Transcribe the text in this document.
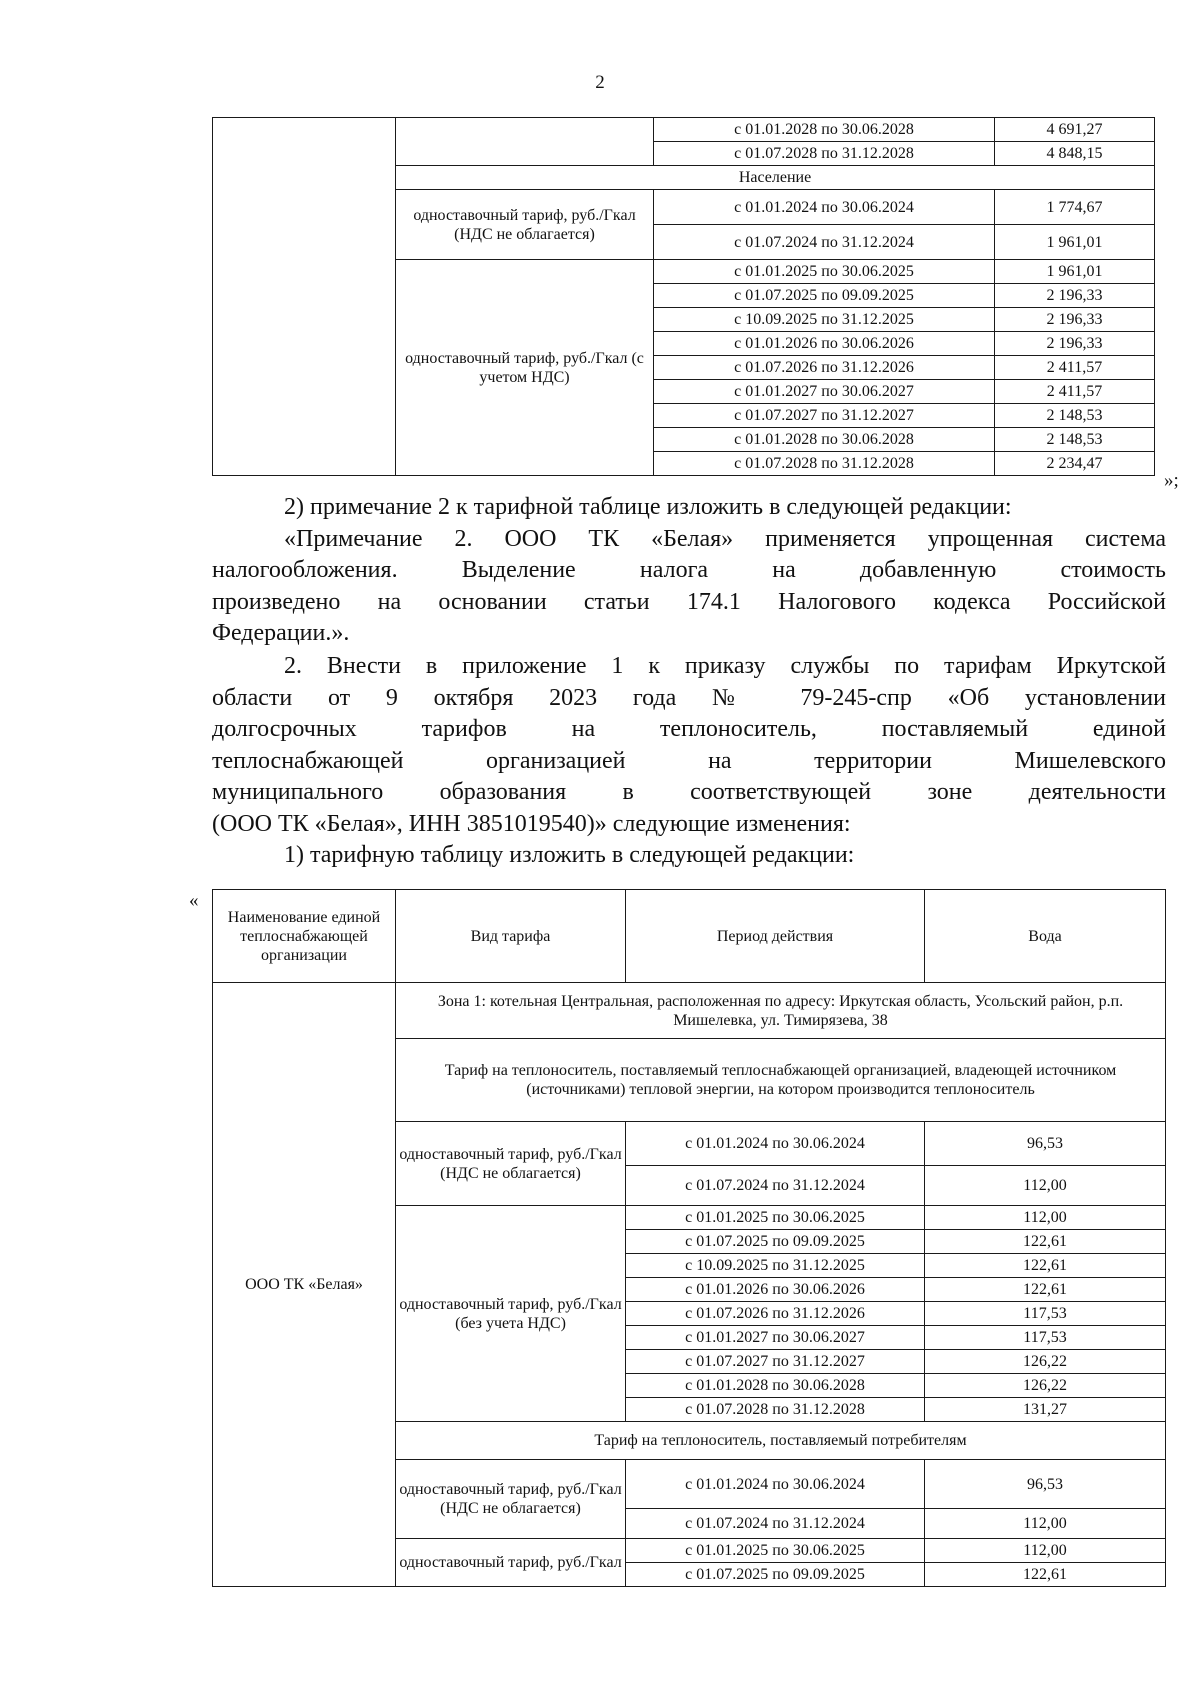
2
		с 01.01.2028 по 30.06.2028	4 691,27
		с 01.07.2028 по 31.12.2028	4 848,15
	Население		
	одноставочный тариф, руб./Гкал (НДС не облагается)	с 01.01.2024 по 30.06.2024	1 774,67
		с 01.07.2024 по 31.12.2024	1 961,01
	одноставочный тариф, руб./Гкал (с учетом НДС)	с 01.01.2025 по 30.06.2025	1 961,01
		с 01.07.2025 по 09.09.2025	2 196,33
		с 10.09.2025 по 31.12.2025	2 196,33
		с 01.01.2026 по 30.06.2026	2 196,33
		с 01.07.2026 по 31.12.2026	2 411,57
		с 01.01.2027 по 30.06.2027	2 411,57
		с 01.07.2027 по 31.12.2027	2 148,53
		с 01.01.2028 по 30.06.2028	2 148,53
		с 01.07.2028 по 31.12.2028	2 234,47
»;
2) примечание 2 к тарифной таблице изложить в следующей редакции:
«Примечание 2. ООО ТК «Белая» применяется упрощенная система
налогообложения. Выделение налога на добавленную стоимость
произведено на основании статьи 174.1 Налогового кодекса Российской
Федерации.».
2. Внести в приложение 1 к приказу службы по тарифам Иркутской
области от 9 октября 2023 года № 79-245-спр «Об установлении
долгосрочных тарифов на теплоноситель, поставляемый единой
теплоснабжающей организацией на территории Мишелевского
муниципального образования в соответствующей зоне деятельности
(ООО ТК «Белая», ИНН 3851019540)» следующие изменения:
1) тарифную таблицу изложить в следующей редакции:
«
Наименование единой теплоснабжающей организации	Вид тарифа	Период действия	Вода
ООО ТК «Белая»	Зона 1: котельная Центральная, расположенная по адресу: Иркутская область, Усольский район, р.п. Мишелевка, ул. Тимирязева, 38		
	Тариф на теплоноситель, поставляемый теплоснабжающей организацией, владеющей источником (источниками) тепловой энергии, на котором производится теплоноситель		
	одноставочный тариф, руб./Гкал (НДС не облагается)	с 01.01.2024 по 30.06.2024	96,53
		с 01.07.2024 по 31.12.2024	112,00
	одноставочный тариф, руб./Гкал (без учета НДС)	с 01.01.2025 по 30.06.2025	112,00
		с 01.07.2025 по 09.09.2025	122,61
		с 10.09.2025 по 31.12.2025	122,61
		с 01.01.2026 по 30.06.2026	122,61
		с 01.07.2026 по 31.12.2026	117,53
		с 01.01.2027 по 30.06.2027	117,53
		с 01.07.2027 по 31.12.2027	126,22
		с 01.01.2028 по 30.06.2028	126,22
		с 01.07.2028 по 31.12.2028	131,27
	Тариф на теплоноситель, поставляемый потребителям		
	одноставочный тариф, руб./Гкал (НДС не облагается)	с 01.01.2024 по 30.06.2024	96,53
		с 01.07.2024 по 31.12.2024	112,00
	одноставочный тариф, руб./Гкал	с 01.01.2025 по 30.06.2025	112,00
		с 01.07.2025 по 09.09.2025	122,61
